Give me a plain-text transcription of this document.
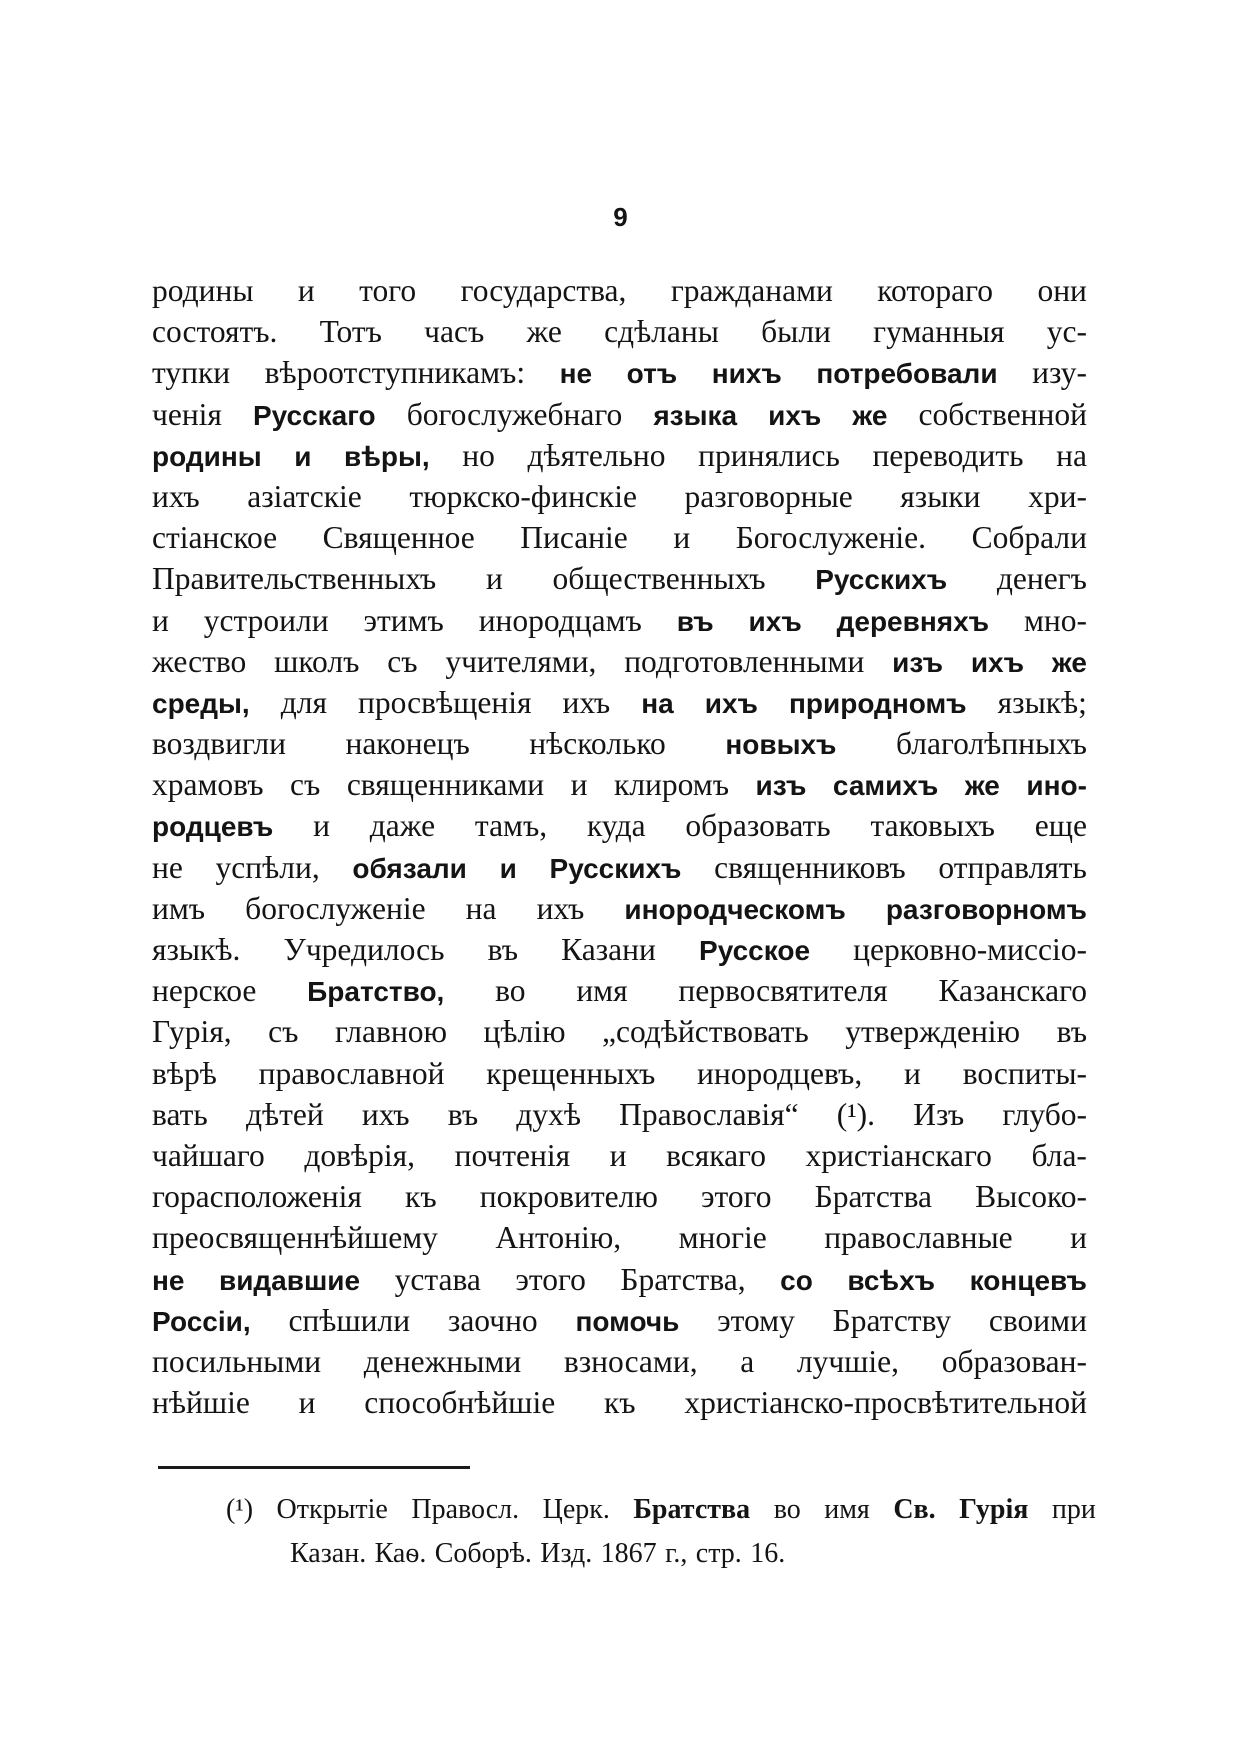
9
родины и того государства, гражданами котораго они
состоятъ. Тотъ часъ же сдѣланы были гуманныя ус-
тупки вѣроотступникамъ: не отъ нихъ потребовали изу-
ченія Русскаго богослужебнаго языка ихъ же собственной
родины и вѣры, но дѣятельно принялись переводить на
ихъ азіатскіе тюркско-финскіе разговорные языки хри-
стіанское Священное Писаніе и Богослуженіе. Собрали
Правительственныхъ и общественныхъ Русскихъ денегъ
и устроили этимъ инородцамъ въ ихъ деревняхъ мно-
жество школъ съ учителями, подготовленными изъ ихъ же
среды, для просвѣщенія ихъ на ихъ природномъ языкѣ;
воздвигли наконецъ нѣсколько новыхъ благолѣпныхъ
храмовъ съ священниками и клиромъ изъ самихъ же ино-
родцевъ и даже тамъ, куда образовать таковыхъ еще
не успѣли, обязали и Русскихъ священниковъ отправлять
имъ богослуженіе на ихъ инородческомъ разговорномъ
языкѣ. Учредилось въ Казани Русское церковно-миссіо-
нерское Братство, во имя первосвятителя Казанскаго
Гурія, съ главною цѣлію „содѣйствовать утвержденію въ
вѣрѣ православной крещенныхъ инородцевъ, и воспиты-
вать дѣтей ихъ въ духѣ Православія“ (¹). Изъ глубо-
чайшаго довѣрія, почтенія и всякаго христіанскаго бла-
горасположенія къ покровителю этого Братства Высоко-
преосвященнѣйшему Антонію, многіе православные и
не видавшие устава этого Братства, со всѣхъ концевъ
Россіи, спѣшили заочно помочь этому Братству своими
посильными денежными взносами, а лучшіе, образован-
нѣйшіе и способнѣйшіе къ христіанско-просвѣтительной
(¹) Открытіе Правосл. Церк. Братства во имя Св. Гурія при
Казан. Каѳ. Соборѣ. Изд. 1867 г., стр. 16.
